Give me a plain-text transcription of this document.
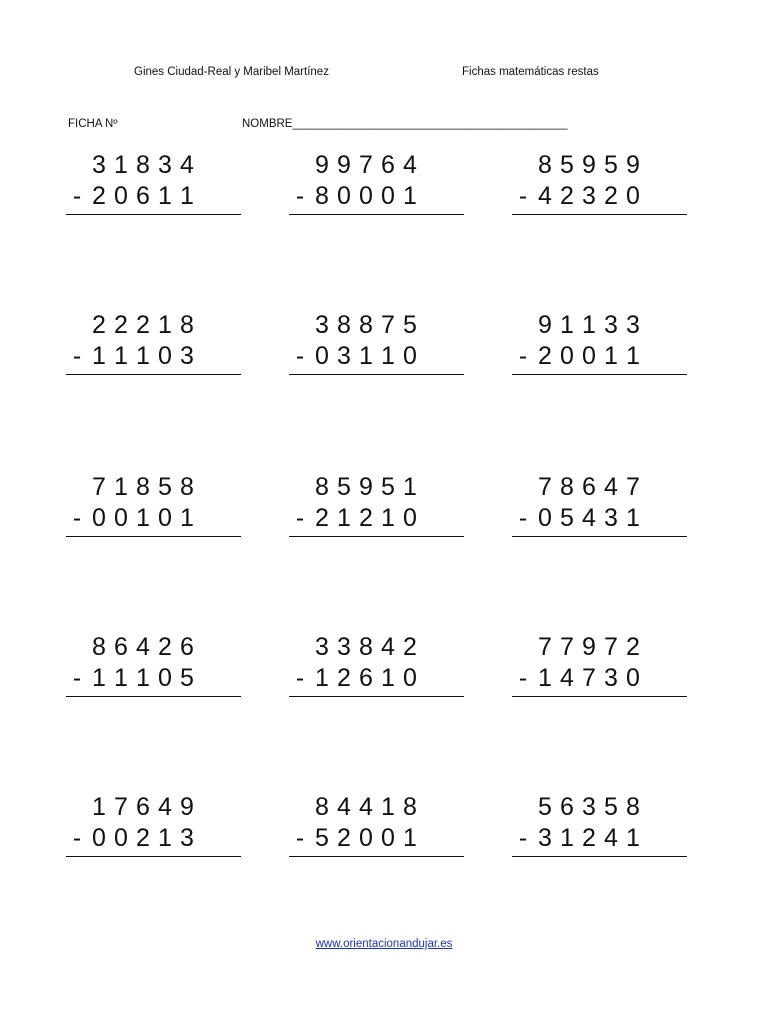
Gines Ciudad-Real y Maribel Martínez	Fichas matemáticas restas
FICHA Nº	NOMBRE___________________________________________
3 1 8 3 4
- 2 0 6 1 1
9 9 7 6 4
- 8 0 0 0 1
8 5 9 5 9
- 4 2 3 2 0
2 2 2 1 8
- 1 1 1 0 3
3 8 8 7 5
- 0 3 1 1 0
9 1 1 3 3
- 2 0 0 1 1
7 1 8 5 8
- 0 0 1 0 1
8 5 9 5 1
- 2 1 2 1 0
7 8 6 4 7
- 0 5 4 3 1
8 6 4 2 6
- 1 1 1 0 5
3 3 8 4 2
- 1 2 6 1 0
7 7 9 7 2
- 1 4 7 3 0
1 7 6 4 9
- 0 0 2 1 3
8 4 4 1 8
- 5 2 0 0 1
5 6 3 5 8
- 3 1 2 4 1
www.orientacionandujar.es
